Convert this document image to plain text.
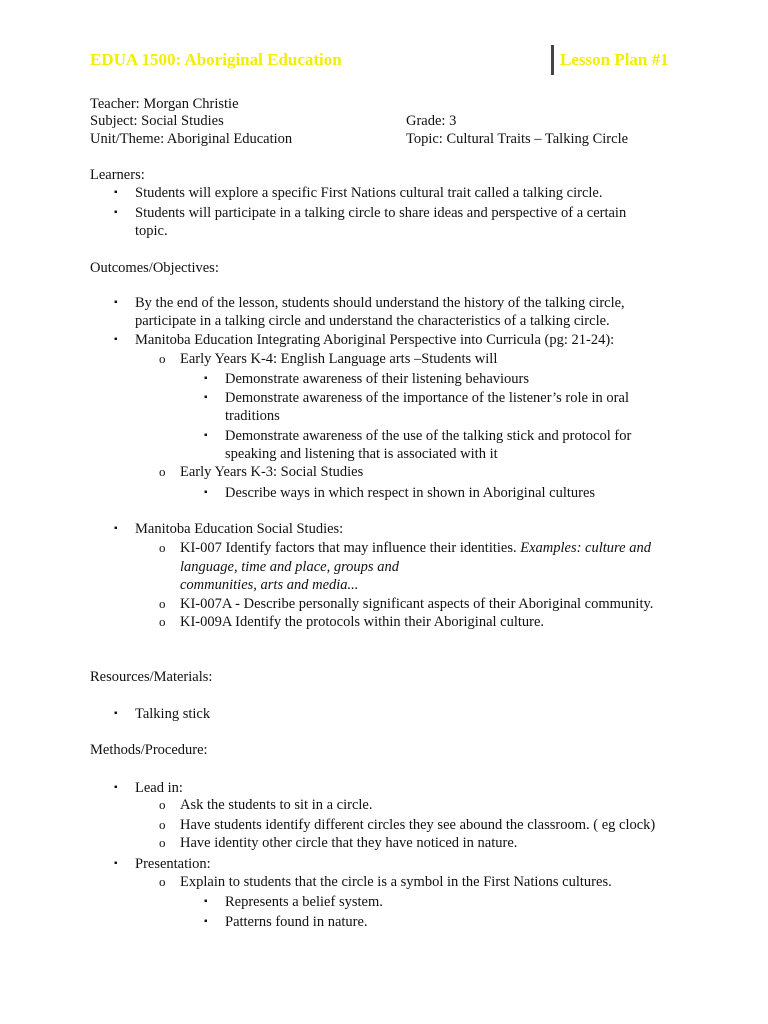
EDUA 1500: Aboriginal Education	Lesson Plan #1
Teacher: Morgan Christie
Subject: Social Studies	Grade: 3
Unit/Theme: Aboriginal Education	Topic: Cultural Traits – Talking Circle
Learners:
▪ Students will explore a specific First Nations cultural trait called a talking circle.
▪ Students will participate in a talking circle to share ideas and perspective of a certain
topic.
Outcomes/Objectives:
▪ By the end of the lesson, students should understand the history of the talking circle,
participate in a talking circle and understand the characteristics of a talking circle.
▪ Manitoba Education Integrating Aboriginal Perspective into Curricula (pg: 21-24):
o Early Years K-4: English Language arts –Students will
▪ Demonstrate awareness of their listening behaviours
▪ Demonstrate awareness of the importance of the listener’s role in oral
traditions
▪ Demonstrate awareness of the use of the talking stick and protocol for
speaking and listening that is associated with it
o Early Years K-3: Social Studies
▪ Describe ways in which respect in shown in Aboriginal cultures
▪ Manitoba Education Social Studies:
o KI-007 Identify factors that may influence their identities. Examples: culture and
language, time and place, groups and
communities, arts and media...
o KI-007A - Describe personally significant aspects of their Aboriginal community.
o KI-009A Identify the protocols within their Aboriginal culture.
Resources/Materials:
▪ Talking stick
Methods/Procedure:
▪ Lead in:
o Ask the students to sit in a circle.
o Have students identify different circles they see abound the classroom. ( eg clock)
o Have identity other circle that they have noticed in nature.
▪ Presentation:
o Explain to students that the circle is a symbol in the First Nations cultures.
▪ Represents a belief system.
▪ Patterns found in nature.
